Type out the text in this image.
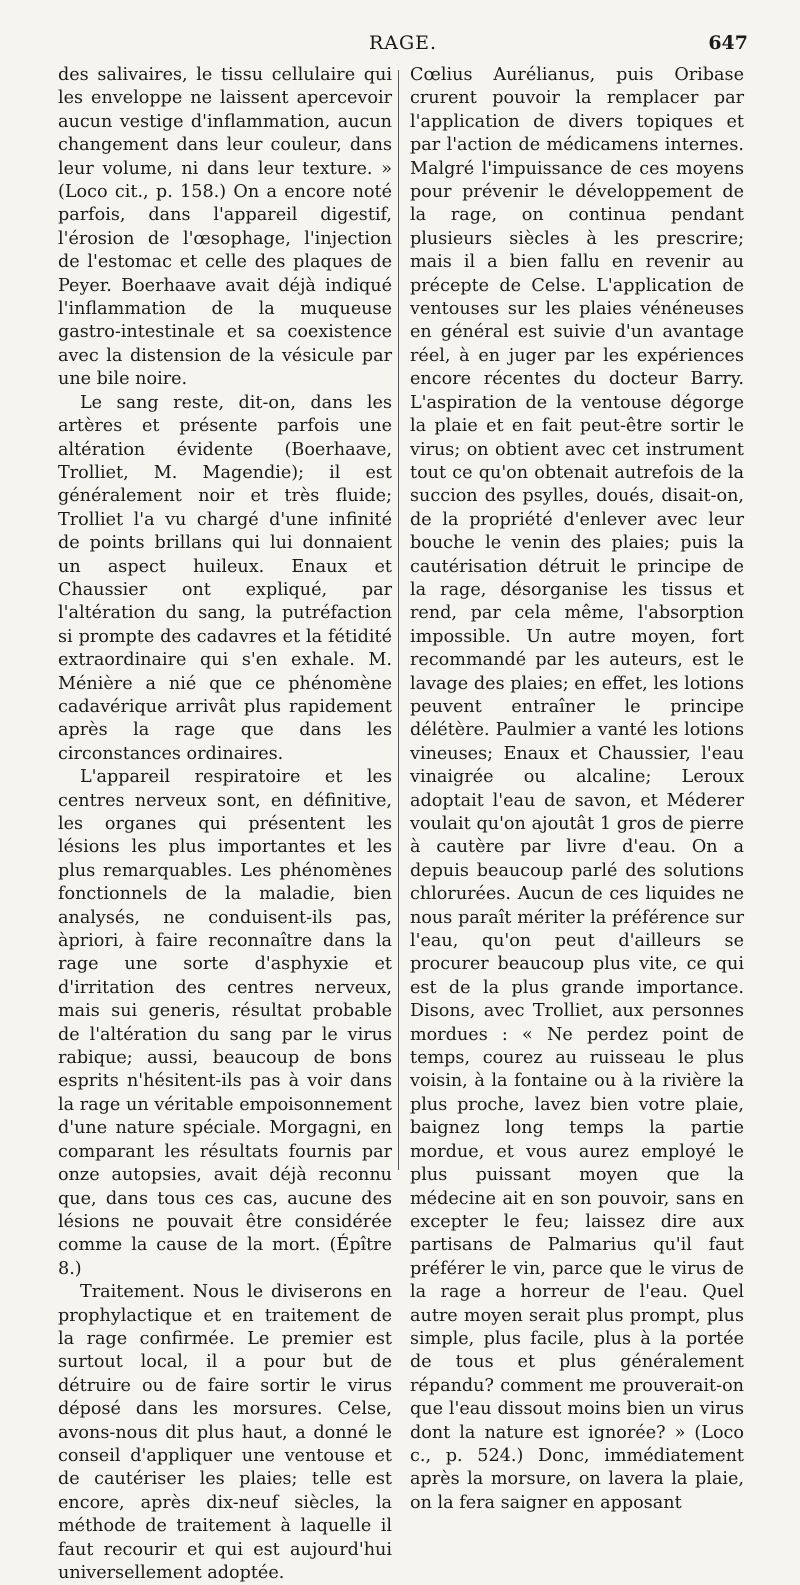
RAGE.	647

des salivaires, le tissu cellulaire qui les enveloppe ne laissent apercevoir aucun vestige d'inflammation, aucun changement dans leur couleur, dans leur volume, ni dans leur texture. » (Loco cit., p. 158.) On a encore noté parfois, dans l'appareil digestif, l'érosion de l'œsophage, l'injection de l'estomac et celle des plaques de Peyer. Boerhaave avait déjà indiqué l'inflammation de la muqueuse gastro-intestinale et sa coexistence avec la distension de la vésicule par une bile noire.

Le sang reste, dit-on, dans les artères et présente parfois une altération évidente (Boerhaave, Trolliet, M. Magendie); il est généralement noir et très fluide; Trolliet l'a vu chargé d'une infinité de points brillans qui lui donnaient un aspect huileux. Enaux et Chaussier ont expliqué, par l'altération du sang, la putréfaction si prompte des cadavres et la fétidité extraordinaire qui s'en exhale. M. Ménière a nié que ce phénomène cadavérique arrivât plus rapidement après la rage que dans les circonstances ordinaires.

L'appareil respiratoire et les centres nerveux sont, en définitive, les organes qui présentent les lésions les plus importantes et les plus remarquables. Les phénomènes fonctionnels de la maladie, bien analysés, ne conduisent-ils pas, àpriori, à faire reconnaître dans la rage une sorte d'asphyxie et d'irritation des centres nerveux, mais sui generis, résultat probable de l'altération du sang par le virus rabique; aussi, beaucoup de bons esprits n'hésitent-ils pas à voir dans la rage un véritable empoisonnement d'une nature spéciale. Morgagni, en comparant les résultats fournis par onze autopsies, avait déjà reconnu que, dans tous ces cas, aucune des lésions ne pouvait être considérée comme la cause de la mort. (Épître 8.)

Traitement. Nous le diviserons en prophylactique et en traitement de la rage confirmée. Le premier est surtout local, il a pour but de détruire ou de faire sortir le virus déposé dans les morsures. Celse, avons-nous dit plus haut, a donné le conseil d'appliquer une ventouse et de cautériser les plaies; telle est encore, après dix-neuf siècles, la méthode de traitement à laquelle il faut recourir et qui est aujourd'hui universellement adoptée.

Cœlius Aurélianus, puis Oribase crurent pouvoir la remplacer par l'application de divers topiques et par l'action de médicamens internes. Malgré l'impuissance de ces moyens pour prévenir le développement de la rage, on continua pendant plusieurs siècles à les prescrire; mais il a bien fallu en revenir au précepte de Celse. L'application de ventouses sur les plaies vénéneuses en général est suivie d'un avantage réel, à en juger par les expériences encore récentes du docteur Barry. L'aspiration de la ventouse dégorge la plaie et en fait peut-être sortir le virus; on obtient avec cet instrument tout ce qu'on obtenait autrefois de la succion des psylles, doués, disait-on, de la propriété d'enlever avec leur bouche le venin des plaies; puis la cautérisation détruit le principe de la rage, désorganise les tissus et rend, par cela même, l'absorption impossible. Un autre moyen, fort recommandé par les auteurs, est le lavage des plaies; en effet, les lotions peuvent entraîner le principe délétère. Paulmier a vanté les lotions vineuses; Enaux et Chaussier, l'eau vinaigrée ou alcaline; Leroux adoptait l'eau de savon, et Méderer voulait qu'on ajoutât 1 gros de pierre à cautère par livre d'eau. On a depuis beaucoup parlé des solutions chlorurées. Aucun de ces liquides ne nous paraît mériter la préférence sur l'eau, qu'on peut d'ailleurs se procurer beaucoup plus vite, ce qui est de la plus grande importance. Disons, avec Trolliet, aux personnes mordues : « Ne perdez point de temps, courez au ruisseau le plus voisin, à la fontaine ou à la rivière la plus proche, lavez bien votre plaie, baignez long temps la partie mordue, et vous aurez employé le plus puissant moyen que la médecine ait en son pouvoir, sans en excepter le feu; laissez dire aux partisans de Palmarius qu'il faut préférer le vin, parce que le virus de la rage a horreur de l'eau. Quel autre moyen serait plus prompt, plus simple, plus facile, plus à la portée de tous et plus généralement répandu? comment me prouverait-on que l'eau dissout moins bien un virus dont la nature est ignorée? » (Loco c., p. 524.) Donc, immédiatement après la morsure, on lavera la plaie, on la fera saigner en apposant
